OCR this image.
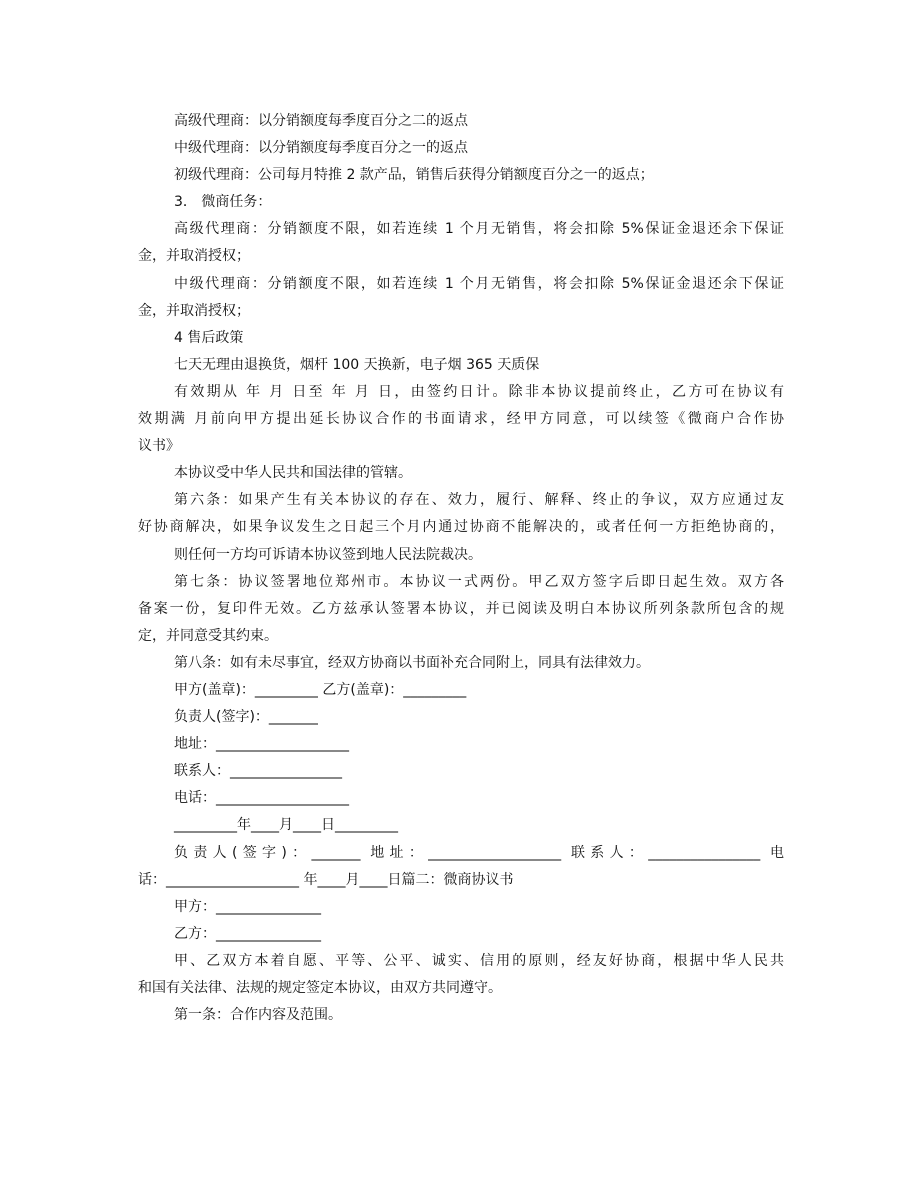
高级代理商：以分销额度每季度百分之二的返点
中级代理商：以分销额度每季度百分之一的返点
初级代理商：公司每月特推 2 款产品，销售后获得分销额度百分之一的返点；
3． 微商任务：
高级代理商：分销额度不限，如若连续 1 个月无销售，将会扣除 5%保证金退还余下保证
金，并取消授权；
中级代理商：分销额度不限，如若连续 1 个月无销售，将会扣除 5%保证金退还余下保证
金，并取消授权；
4 售后政策
七天无理由退换货，烟杆 100 天换新，电子烟 365 天质保
有效期从 年 月 日至 年 月 日，由签约日计。除非本协议提前终止，乙方可在协议有
效期满 月前向甲方提出延长协议合作的书面请求，经甲方同意，可以续签《微商户合作协
议书》
本协议受中华人民共和国法律的管辖。
第六条：如果产生有关本协议的存在、效力，履行、解释、终止的争议，双方应通过友
好协商解决，如果争议发生之日起三个月内通过协商不能解决的，或者任何一方拒绝协商的，
则任何一方均可诉请本协议签到地人民法院裁决。
第七条：协议签署地位郑州市。本协议一式两份。甲乙双方签字后即日起生效。双方各
备案一份，复印件无效。乙方兹承认签署本协议，并已阅读及明白本协议所列条款所包含的规
定，并同意受其约束。
第八条：如有未尽事宜，经双方协商以书面补充合同附上，同具有法律效力。
甲方(盖章)：_________ 乙方(盖章)：_________
负责人(签字)：_______
地址：___________________
联系人：________________
电话：___________________
_________年____月____日_________
负责人(签字)：_______ 地址：___________________ 联系人：________________ 电
话：___________________ 年____月____日篇二：微商协议书
甲方：_______________
乙方：_______________
甲、乙双方本着自愿、平等、公平、诚实、信用的原则，经友好协商，根据中华人民共
和国有关法律、法规的规定签定本协议，由双方共同遵守。
第一条：合作内容及范围。
